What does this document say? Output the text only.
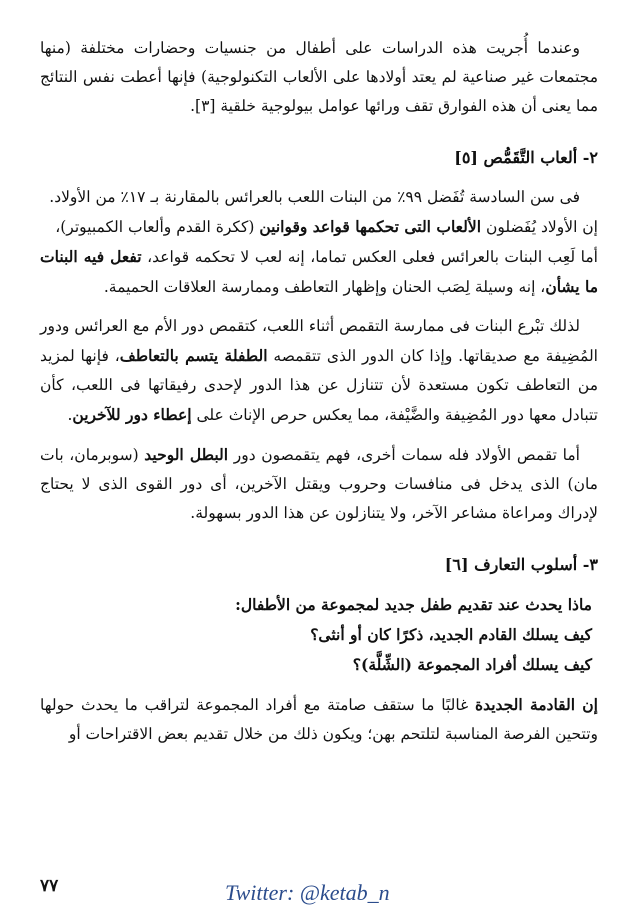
وعندما أُجريت هذه الدراسات على أطفال من جنسيات وحضارات مختلفة (منها مجتمعات غير صناعية لم يعتد أولادها على الألعاب التكنولوجية) فإنها أعطت نفس النتائج مما يعنى أن هذه الفوارق تقف ورائها عوامل بيولوجية خلقية [٣].

٢- ألعاب التَّقَمُّص [٥]

فى سن السادسة تُفَضل ٩٩٪ من البنات اللعب بالعرائس بالمقارنة بـ ١٧٪ من الأولاد.

إن الأولاد يُفَضلون الألعاب التى تحكمها قواعد وقوانين (ككرة القدم وألعاب الكمبيوتر)،

أما لَعِب البنات بالعرائس فعلى العكس تماما، إنه لعب لا تحكمه قواعد، تفعل فيه البنات ما يشأن، إنه وسيلة لِصَب الحنان وإظهار التعاطف وممارسة العلاقات الحميمة.

لذلك تبْرع البنات فى ممارسة التقمص أثناء اللعب، كتقمص دور الأم مع العرائس ودور المُضِيفة مع صديقاتها. وإذا كان الدور الذى تتقمصه الطفلة يتسم بالتعاطف، فإنها لمزيد من التعاطف تكون مستعدة لأن تتنازل عن هذا الدور لإحدى رفيقاتها فى اللعب، كأن تتبادل معها دور المُضِيفة والضَّيْفة، مما يعكس حرص الإناث على إعطاء دور للآخرين.

أما تقمص الأولاد فله سمات أخرى، فهم يتقمصون دور البطل الوحيد (سوبرمان، بات مان) الذى يدخل فى منافسات وحروب ويقتل الآخرين، أى دور القوى الذى لا يحتاج لإدراك ومراعاة مشاعر الآخر، ولا يتنازلون عن هذا الدور بسهولة.

٣- أسلوب التعارف [٦]

ماذا يحدث عند تقديم طفل جديد لمجموعة من الأطفال:

كيف يسلك القادم الجديد، ذكرًا كان أو أنثى؟

كيف يسلك أفراد المجموعة (الشِّلَّة)؟

إن القادمة الجديدة غالبًا ما ستقف صامتة مع أفراد المجموعة لتراقب ما يحدث حولها وتتحين الفرصة المناسبة لتلتحم بهن؛ ويكون ذلك من خلال تقديم بعض الاقتراحات أو

٧٧	Twitter: @ketab_n
